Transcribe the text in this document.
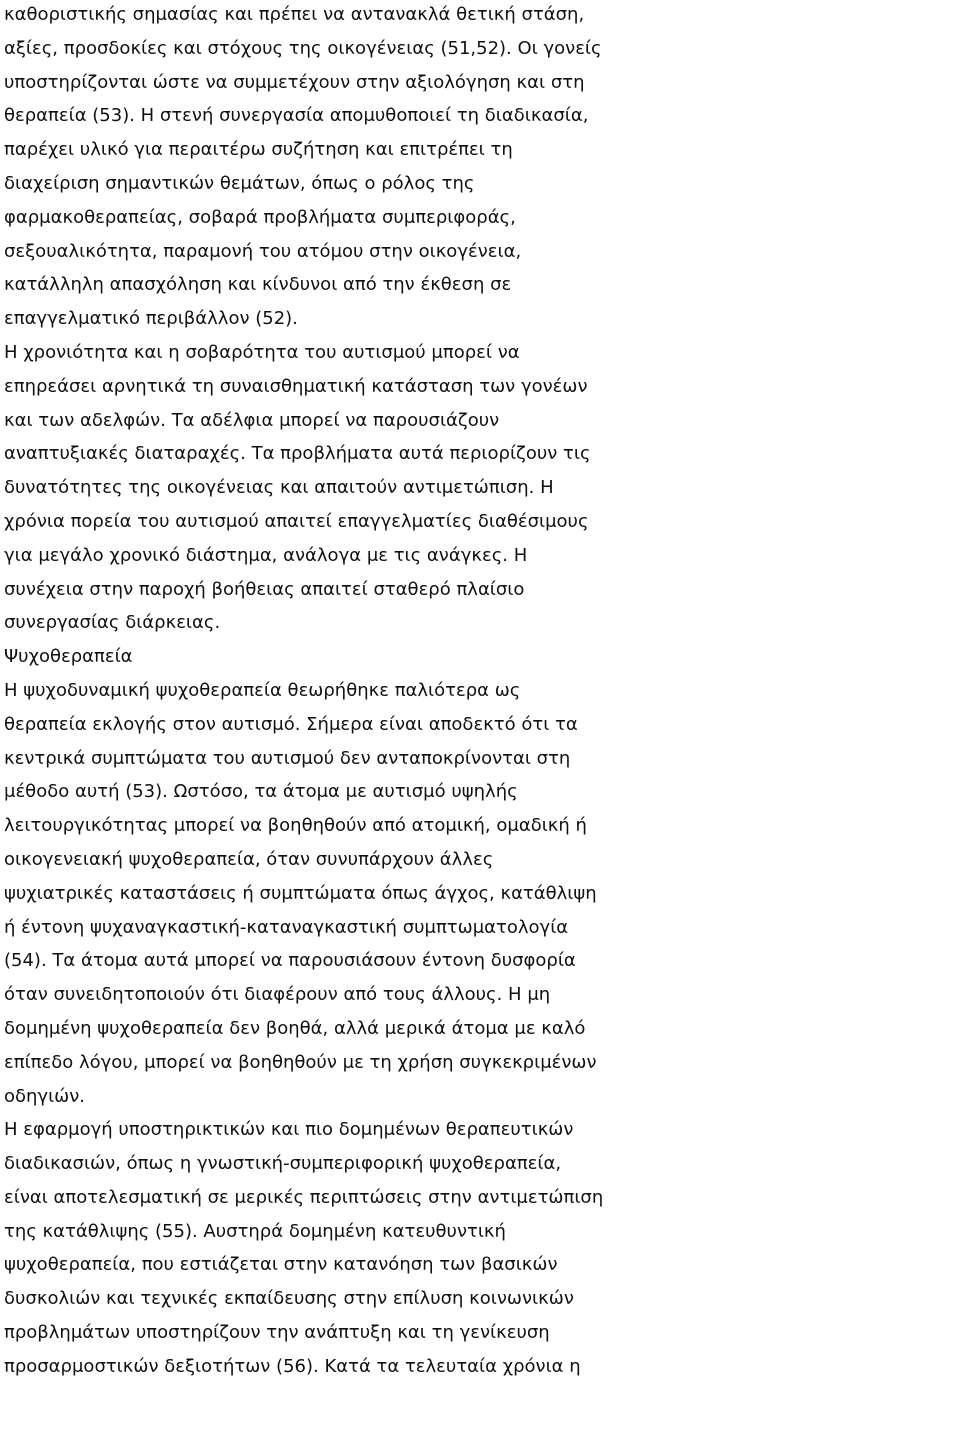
καθοριστικής σημασίας και πρέπει να αντανακλά θετική στάση,
αξίες, προσδοκίες και στόχους της οικογένειας (51,52). Οι γονείς
υποστηρίζονται ώστε να συμμετέχουν στην αξιολόγηση και στη
θεραπεία (53). Η στενή συνεργασία απομυθοποιεί τη διαδικασία,
παρέχει υλικό για περαιτέρω συζήτηση και επιτρέπει τη
διαχείριση σημαντικών θεμάτων, όπως ο ρόλος της
φαρμακοθεραπείας, σοβαρά προβλήματα συμπεριφοράς,
σεξουαλικότητα, παραμονή του ατόμου στην οικογένεια,
κατάλληλη απασχόληση και κίνδυνοι από την έκθεση σε
επαγγελματικό περιβάλλον (52).
Η χρονιότητα και η σοβαρότητα του αυτισμού μπορεί να
επηρεάσει αρνητικά τη συναισθηματική κατάσταση των γονέων
και των αδελφών. Τα αδέλφια μπορεί να παρουσιάζουν
αναπτυξιακές διαταραχές. Τα προβλήματα αυτά περιορίζουν τις
δυνατότητες της οικογένειας και απαιτούν αντιμετώπιση. Η
χρόνια πορεία του αυτισμού απαιτεί επαγγελματίες διαθέσιμους
για μεγάλο χρονικό διάστημα, ανάλογα με τις ανάγκες. Η
συνέχεια στην παροχή βοήθειας απαιτεί σταθερό πλαίσιο
συνεργασίας διάρκειας.
Ψυχοθεραπεία
Η ψυχοδυναμική ψυχοθεραπεία θεωρήθηκε παλιότερα ως
θεραπεία εκλογής στον αυτισμό. Σήμερα είναι αποδεκτό ότι τα
κεντρικά συμπτώματα του αυτισμού δεν ανταποκρίνονται στη
μέθοδο αυτή (53). Ωστόσο, τα άτομα με αυτισμό υψηλής
λειτουργικότητας μπορεί να βοηθηθούν από ατομική, ομαδική ή
οικογενειακή ψυχοθεραπεία, όταν συνυπάρχουν άλλες
ψυχιατρικές καταστάσεις ή συμπτώματα όπως άγχος, κατάθλιψη
ή έντονη ψυχαναγκαστική-καταναγκαστική συμπτωματολογία
(54). Τα άτομα αυτά μπορεί να παρουσιάσουν έντονη δυσφορία
όταν συνειδητοποιούν ότι διαφέρουν από τους άλλους. Η μη
δομημένη ψυχοθεραπεία δεν βοηθά, αλλά μερικά άτομα με καλό
επίπεδο λόγου, μπορεί να βοηθηθούν με τη χρήση συγκεκριμένων
οδηγιών.
Η εφαρμογή υποστηρικτικών και πιο δομημένων θεραπευτικών
διαδικασιών, όπως η γνωστική-συμπεριφορική ψυχοθεραπεία,
είναι αποτελεσματική σε μερικές περιπτώσεις στην αντιμετώπιση
της κατάθλιψης (55). Αυστηρά δομημένη κατευθυντική
ψυχοθεραπεία, που εστιάζεται στην κατανόηση των βασικών
δυσκολιών και τεχνικές εκπαίδευσης στην επίλυση κοινωνικών
προβλημάτων υποστηρίζουν την ανάπτυξη και τη γενίκευση
προσαρμοστικών δεξιοτήτων (56). Κατά τα τελευταία χρόνια η
